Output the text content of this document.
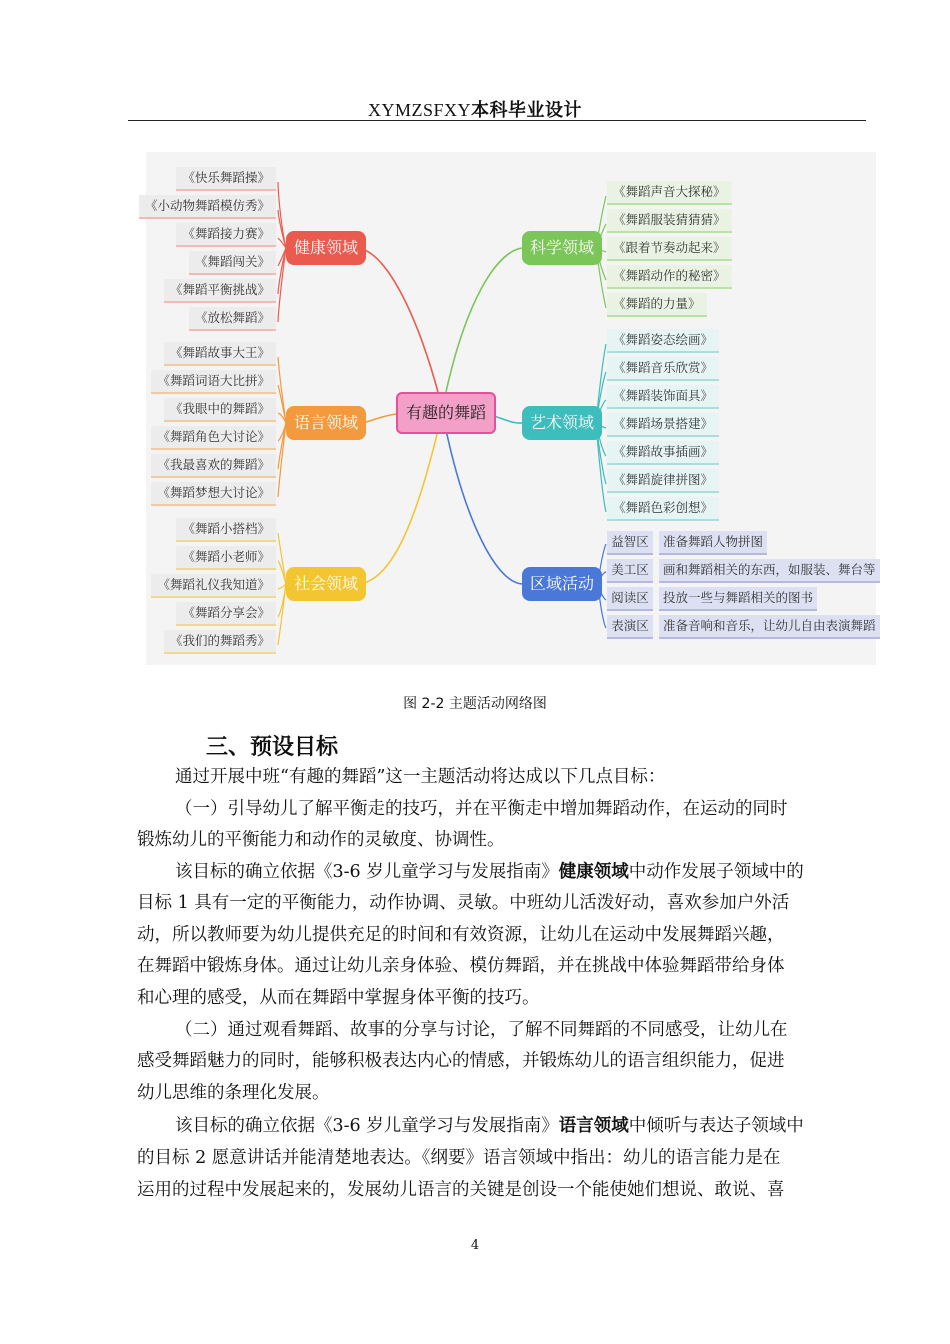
XYMZSFXY本科毕业设计
有趣的舞蹈
健康领域
语言领域
社会领域
科学领域
艺术领域
区域活动
《快乐舞蹈操》
《小动物舞蹈模仿秀》
《舞蹈接力赛》
《舞蹈闯关》
《舞蹈平衡挑战》
《放松舞蹈》
《舞蹈故事大王》
《舞蹈词语大比拼》
《我眼中的舞蹈》
《舞蹈角色大讨论》
《我最喜欢的舞蹈》
《舞蹈梦想大讨论》
《舞蹈小搭档》
《舞蹈小老师》
《舞蹈礼仪我知道》
《舞蹈分享会》
《我们的舞蹈秀》
《舞蹈声音大探秘》
《舞蹈服装猜猜猜》
《跟着节奏动起来》
《舞蹈动作的秘密》
《舞蹈的力量》
《舞蹈姿态绘画》
《舞蹈音乐欣赏》
《舞蹈装饰面具》
《舞蹈场景搭建》
《舞蹈故事插画》
《舞蹈旋律拼图》
《舞蹈色彩创想》
益智区 准备舞蹈人物拼图
美工区 画和舞蹈相关的东西，如服装、舞台等
阅读区 投放一些与舞蹈相关的图书
表演区 准备音响和音乐，让幼儿自由表演舞蹈
图 2-2 主题活动网络图
三、预设目标
通过开展中班“有趣的舞蹈”这一主题活动将达成以下几点目标：
（一）引导幼儿了解平衡走的技巧，并在平衡走中增加舞蹈动作，在运动的同时
锻炼幼儿的平衡能力和动作的灵敏度、协调性。
该目标的确立依据《3-6 岁儿童学习与发展指南》健康领域中动作发展子领域中的
目标 1 具有一定的平衡能力，动作协调、灵敏。中班幼儿活泼好动，喜欢参加户外活
动，所以教师要为幼儿提供充足的时间和有效资源，让幼儿在运动中发展舞蹈兴趣，
在舞蹈中锻炼身体。通过让幼儿亲身体验、模仿舞蹈，并在挑战中体验舞蹈带给身体
和心理的感受，从而在舞蹈中掌握身体平衡的技巧。
（二）通过观看舞蹈、故事的分享与讨论，了解不同舞蹈的不同感受，让幼儿在
感受舞蹈魅力的同时，能够积极表达内心的情感，并锻炼幼儿的语言组织能力，促进
幼儿思维的条理化发展。
该目标的确立依据《3-6 岁儿童学习与发展指南》语言领域中倾听与表达子领域中
的目标 2 愿意讲话并能清楚地表达。《纲要》语言领域中指出：幼儿的语言能力是在
运用的过程中发展起来的，发展幼儿语言的关键是创设一个能使她们想说、敢说、喜
4
